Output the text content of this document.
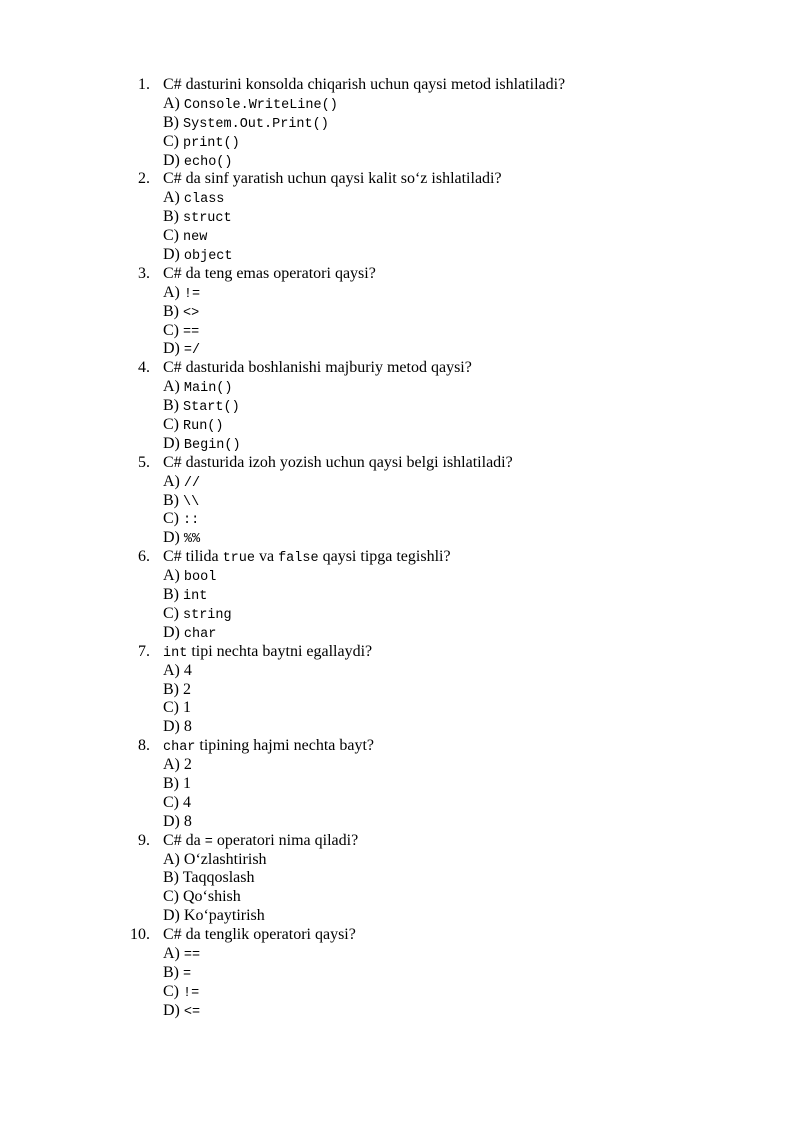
1. C# dasturini konsolda chiqarish uchun qaysi metod ishlatiladi?
A) Console.WriteLine()
B) System.Out.Print()
C) print()
D) echo()
2. C# da sinf yaratish uchun qaysi kalit so‘z ishlatiladi?
A) class
B) struct
C) new
D) object
3. C# da teng emas operatori qaysi?
A) !=
B) <>
C) ==
D) =/
4. C# dasturida boshlanishi majburiy metod qaysi?
A) Main()
B) Start()
C) Run()
D) Begin()
5. C# dasturida izoh yozish uchun qaysi belgi ishlatiladi?
A) //
B) \\
C) ::
D) %%
6. C# tilida true va false qaysi tipga tegishli?
A) bool
B) int
C) string
D) char
7. int tipi nechta baytni egallaydi?
A) 4
B) 2
C) 1
D) 8
8. char tipining hajmi nechta bayt?
A) 2
B) 1
C) 4
D) 8
9. C# da = operatori nima qiladi?
A) O‘zlashtirish
B) Taqqoslash
C) Qo‘shish
D) Ko‘paytirish
10. C# da tenglik operatori qaysi?
A) ==
B) =
C) !=
D) <=
